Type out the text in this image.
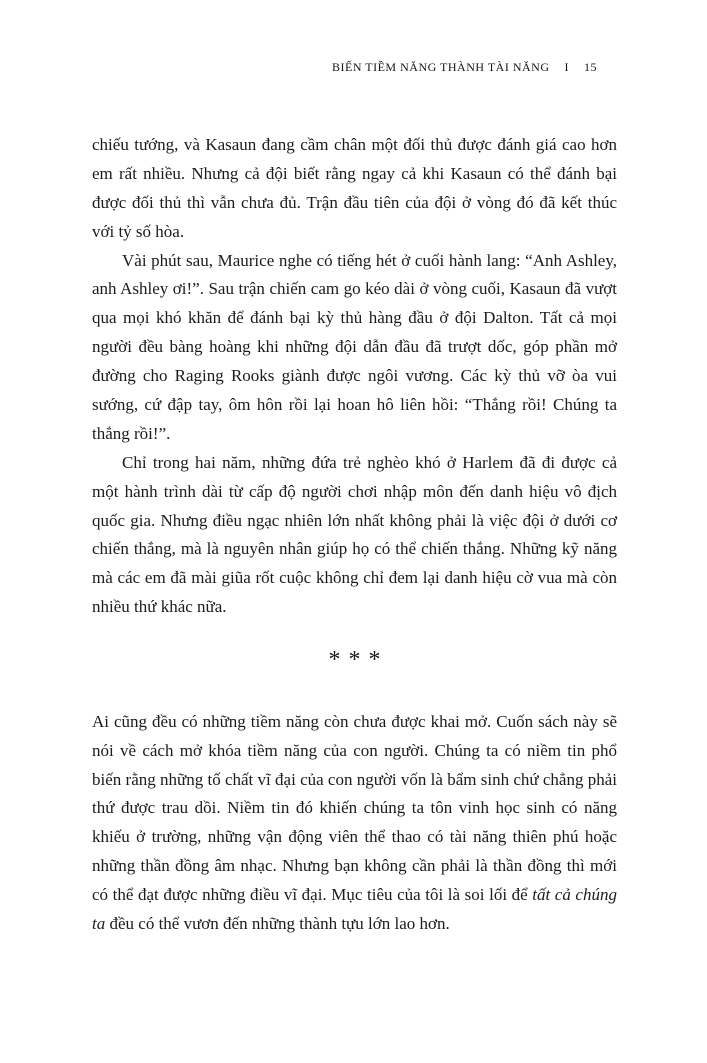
BIẾN TIỀM NĂNG THÀNH TÀI NĂNG I 15

chiếu tướng, và Kasaun đang cầm chân một đối thủ được đánh giá cao hơn em rất nhiều. Nhưng cả đội biết rằng ngay cả khi Kasaun có thể đánh bại được đối thủ thì vẫn chưa đủ. Trận đầu tiên của đội ở vòng đó đã kết thúc với tỷ số hòa.

Vài phút sau, Maurice nghe có tiếng hét ở cuối hành lang: “Anh Ashley, anh Ashley ơi!”. Sau trận chiến cam go kéo dài ở vòng cuối, Kasaun đã vượt qua mọi khó khăn để đánh bại kỳ thủ hàng đầu ở đội Dalton. Tất cả mọi người đều bàng hoàng khi những đội dẫn đầu đã trượt dốc, góp phần mở đường cho Raging Rooks giành được ngôi vương. Các kỳ thủ vỡ òa vui sướng, cứ đập tay, ôm hôn rồi lại hoan hô liên hồi: “Thắng rồi! Chúng ta thắng rồi!”.

Chỉ trong hai năm, những đứa trẻ nghèo khó ở Harlem đã đi được cả một hành trình dài từ cấp độ người chơi nhập môn đến danh hiệu vô địch quốc gia. Nhưng điều ngạc nhiên lớn nhất không phải là việc đội ở dưới cơ chiến thắng, mà là nguyên nhân giúp họ có thể chiến thắng. Những kỹ năng mà các em đã mài giũa rốt cuộc không chỉ đem lại danh hiệu cờ vua mà còn nhiều thứ khác nữa.

***

Ai cũng đều có những tiềm năng còn chưa được khai mở. Cuốn sách này sẽ nói về cách mở khóa tiềm năng của con người. Chúng ta có niềm tin phổ biến rằng những tố chất vĩ đại của con người vốn là bẩm sinh chứ chẳng phải thứ được trau dồi. Niềm tin đó khiến chúng ta tôn vinh học sinh có năng khiếu ở trường, những vận động viên thể thao có tài năng thiên phú hoặc những thần đồng âm nhạc. Nhưng bạn không cần phải là thần đồng thì mới có thể đạt được những điều vĩ đại. Mục tiêu của tôi là soi lối để tất cả chúng ta đều có thể vươn đến những thành tựu lớn lao hơn.
